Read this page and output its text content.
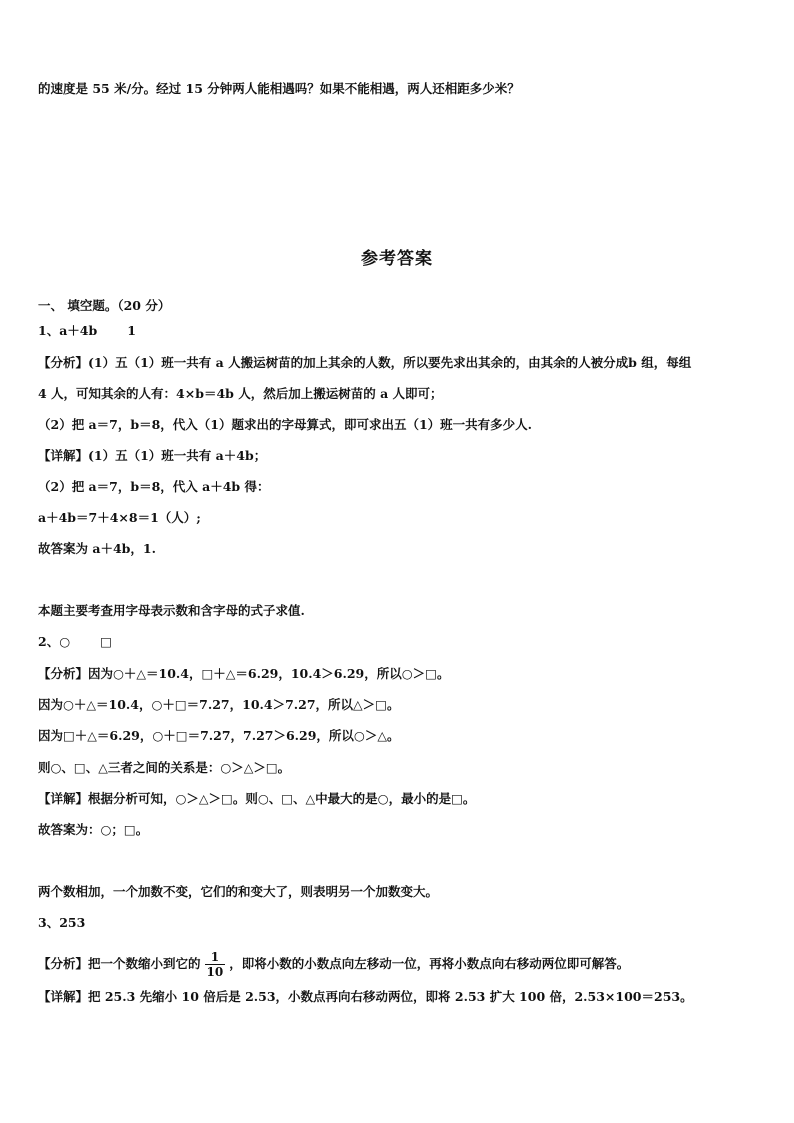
的速度是 55 米/分。经过 15 分钟两人能相遇吗？如果不能相遇，两人还相距多少米？
参考答案
一、 填空题。（20 分）
1、a＋4b 1
【分析】(1）五（1）班一共有 a 人搬运树苗的加上其余的人数，所以要先求出其余的，由其余的人被分成b 组，每组
4 人，可知其余的人有：4×b＝4b 人，然后加上搬运树苗的 a 人即可；
（2）把 a＝7，b＝8，代入（1）题求出的字母算式，即可求出五（1）班一共有多少人.
【详解】(1）五（1）班一共有 a＋4b；
（2）把 a＝7，b＝8，代入 a＋4b 得：
a＋4b＝7＋4×8＝1（人）;
故答案为 a＋4b，1.
本题主要考查用字母表示数和含字母的式子求值.
2、○ □
【分析】因为○＋△＝10.4，□＋△＝6.29，10.4＞6.29，所以○＞□。
因为○＋△＝10.4，○＋□＝7.27，10.4＞7.27，所以△＞□。
因为□＋△＝6.29，○＋□＝7.27，7.27＞6.29，所以○＞△。
则○、□、△三者之间的关系是：○＞△＞□。
【详解】根据分析可知，○＞△＞□。则○、□、△中最大的是○，最小的是□。
故答案为：○；□。
两个数相加，一个加数不变，它们的和变大了，则表明另一个加数变大。
3、253
【分析】把一个数缩小到它的 $\frac{1}{10}$ ，即将小数的小数点向左移动一位，再将小数点向右移动两位即可解答。
【详解】把 25.3 先缩小 10 倍后是 2.53，小数点再向右移动两位，即将 2.53 扩大 100 倍，2.53×100＝253。
